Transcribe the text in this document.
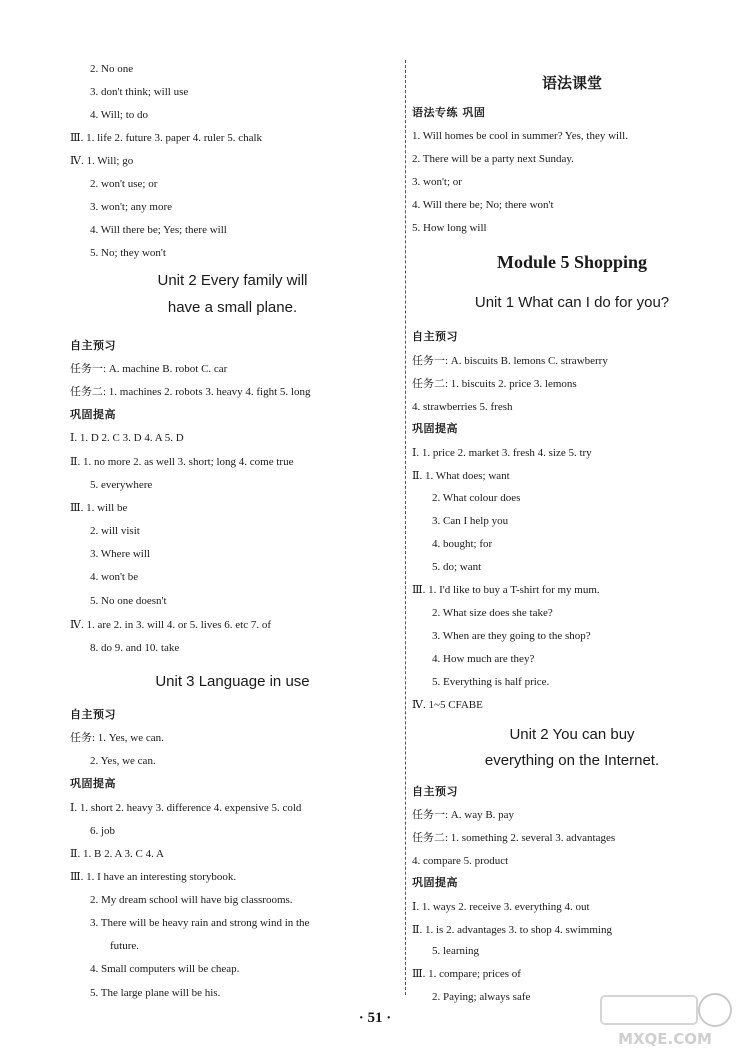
2. No one
3. don't think; will use
4. Will; to do
Ⅲ. 1. life 2. future 3. paper 4. ruler 5. chalk
Ⅳ. 1. Will; go
2. won't use; or
3. won't; any more
4. Will there be; Yes; there will
5. No; they won't
Unit 2 Every family will
have a small plane.
自主预习
任务一: A. machine B. robot C. car
任务二: 1. machines 2. robots 3. heavy 4. fight 5. long
巩固提高
Ⅰ. 1. D 2. C 3. D 4. A 5. D
Ⅱ. 1. no more 2. as well 3. short; long 4. come true
5. everywhere
Ⅲ. 1. will be
2. will visit
3. Where will
4. won't be
5. No one doesn't
Ⅳ. 1. are 2. in 3. will 4. or 5. lives 6. etc 7. of
8. do 9. and 10. take
Unit 3 Language in use
自主预习
任务: 1. Yes, we can.
2. Yes, we can.
巩固提高
Ⅰ. 1. short 2. heavy 3. difference 4. expensive 5. cold
6. job
Ⅱ. 1. B 2. A 3. C 4. A
Ⅲ. 1. I have an interesting storybook.
2. My dream school will have big classrooms.
3. There will be heavy rain and strong wind in the
future.
4. Small computers will be cheap.
5. The large plane will be his.
语法课堂
语法专练 巩固
1. Will homes be cool in summer? Yes, they will.
2. There will be a party next Sunday.
3. won't; or
4. Will there be; No; there won't
5. How long will
Module 5 Shopping
Unit 1 What can I do for you?
自主预习
任务一: A. biscuits B. lemons C. strawberry
任务二: 1. biscuits 2. price 3. lemons
4. strawberries 5. fresh
巩固提高
Ⅰ. 1. price 2. market 3. fresh 4. size 5. try
Ⅱ. 1. What does; want
2. What colour does
3. Can I help you
4. bought; for
5. do; want
Ⅲ. 1. I'd like to buy a T-shirt for my mum.
2. What size does she take?
3. When are they going to the shop?
4. How much are they?
5. Everything is half price.
Ⅳ. 1~5 CFABE
Unit 2 You can buy
everything on the Internet.
自主预习
任务一: A. way B. pay
任务二: 1. something 2. several 3. advantages
4. compare 5. product
巩固提高
Ⅰ. 1. ways 2. receive 3. everything 4. out
Ⅱ. 1. is 2. advantages 3. to shop 4. swimming
5. learning
Ⅲ. 1. compare; prices of
2. Paying; always safe
· 51 ·
MXQE.COM
